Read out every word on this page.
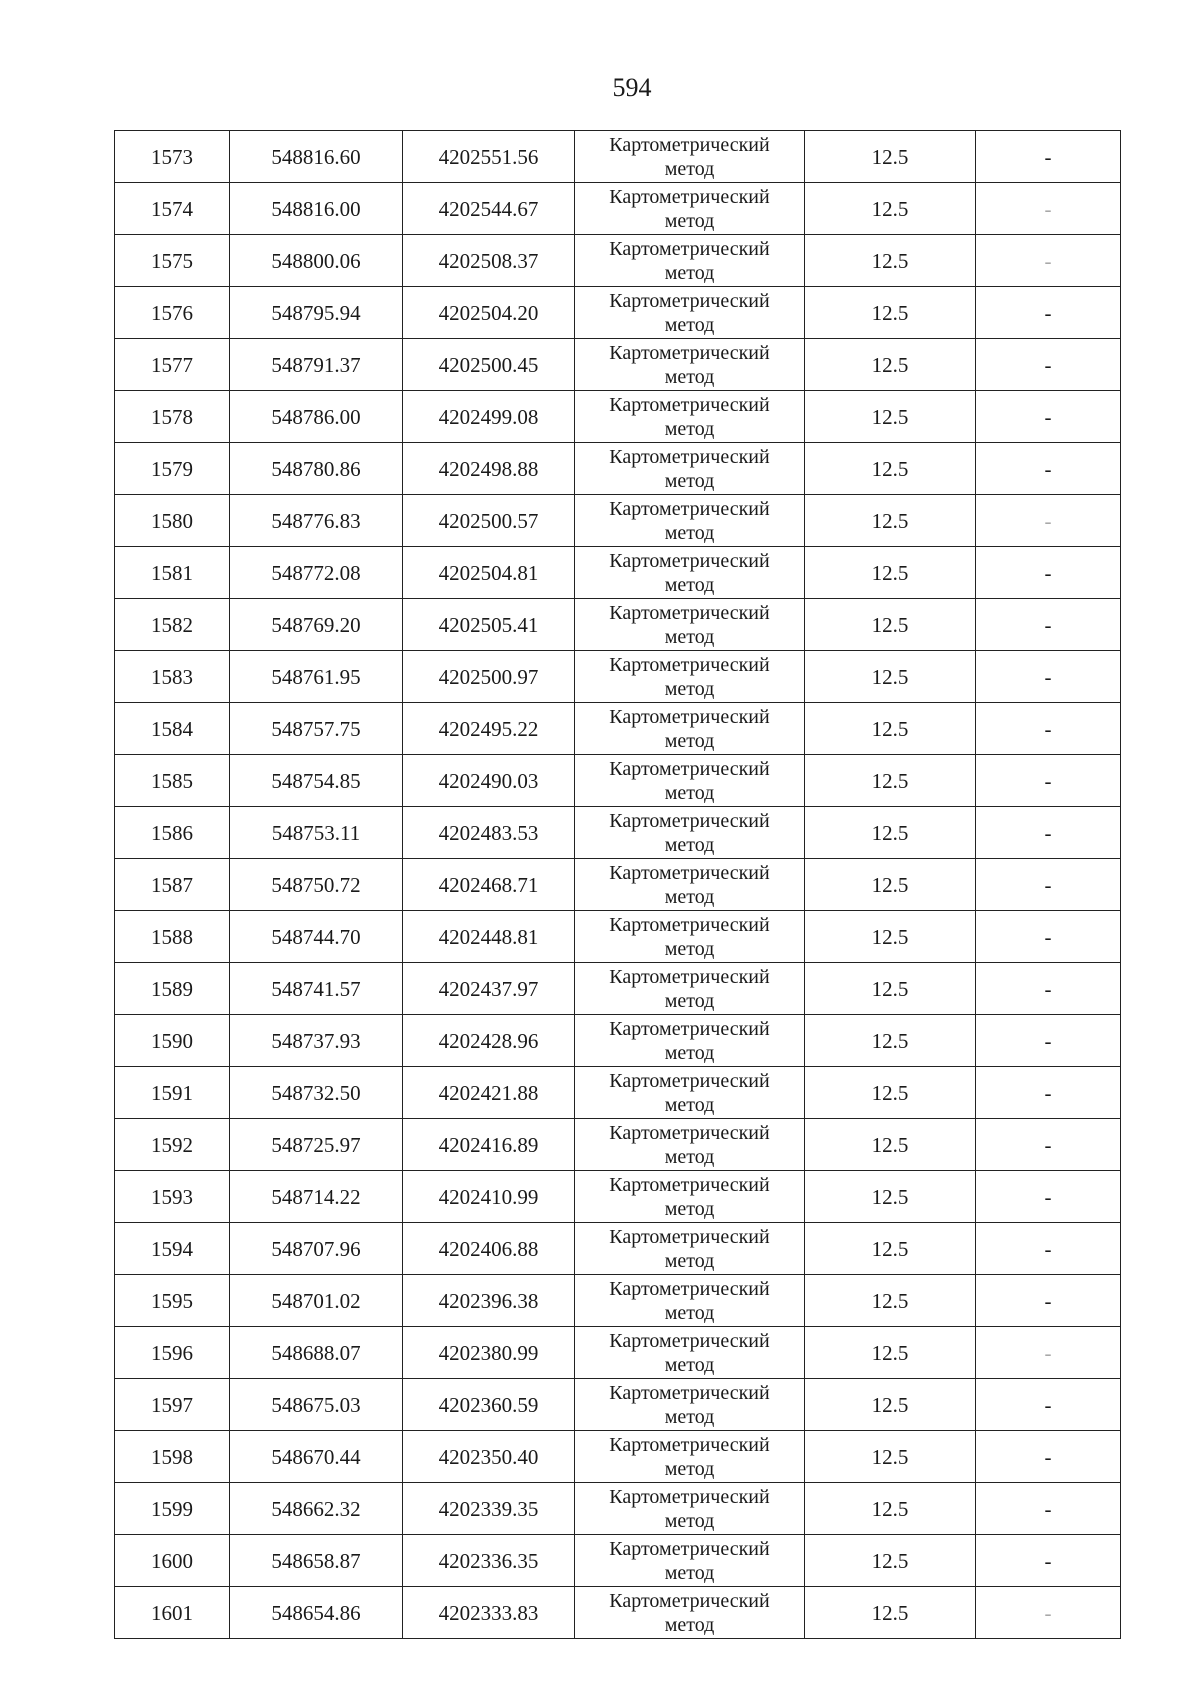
594
1573	548816.60	4202551.56	Картометрический
метод	12.5	-
1574	548816.00	4202544.67	Картометрический
метод	12.5	-
1575	548800.06	4202508.37	Картометрический
метод	12.5	-
1576	548795.94	4202504.20	Картометрический
метод	12.5	-
1577	548791.37	4202500.45	Картометрический
метод	12.5	-
1578	548786.00	4202499.08	Картометрический
метод	12.5	-
1579	548780.86	4202498.88	Картометрический
метод	12.5	-
1580	548776.83	4202500.57	Картометрический
метод	12.5	-
1581	548772.08	4202504.81	Картометрический
метод	12.5	-
1582	548769.20	4202505.41	Картометрический
метод	12.5	-
1583	548761.95	4202500.97	Картометрический
метод	12.5	-
1584	548757.75	4202495.22	Картометрический
метод	12.5	-
1585	548754.85	4202490.03	Картометрический
метод	12.5	-
1586	548753.11	4202483.53	Картометрический
метод	12.5	-
1587	548750.72	4202468.71	Картометрический
метод	12.5	-
1588	548744.70	4202448.81	Картометрический
метод	12.5	-
1589	548741.57	4202437.97	Картометрический
метод	12.5	-
1590	548737.93	4202428.96	Картометрический
метод	12.5	-
1591	548732.50	4202421.88	Картометрический
метод	12.5	-
1592	548725.97	4202416.89	Картометрический
метод	12.5	-
1593	548714.22	4202410.99	Картометрический
метод	12.5	-
1594	548707.96	4202406.88	Картометрический
метод	12.5	-
1595	548701.02	4202396.38	Картометрический
метод	12.5	-
1596	548688.07	4202380.99	Картометрический
метод	12.5	-
1597	548675.03	4202360.59	Картометрический
метод	12.5	-
1598	548670.44	4202350.40	Картометрический
метод	12.5	-
1599	548662.32	4202339.35	Картометрический
метод	12.5	-
1600	548658.87	4202336.35	Картометрический
метод	12.5	-
1601	548654.86	4202333.83	Картометрический
метод	12.5	-
